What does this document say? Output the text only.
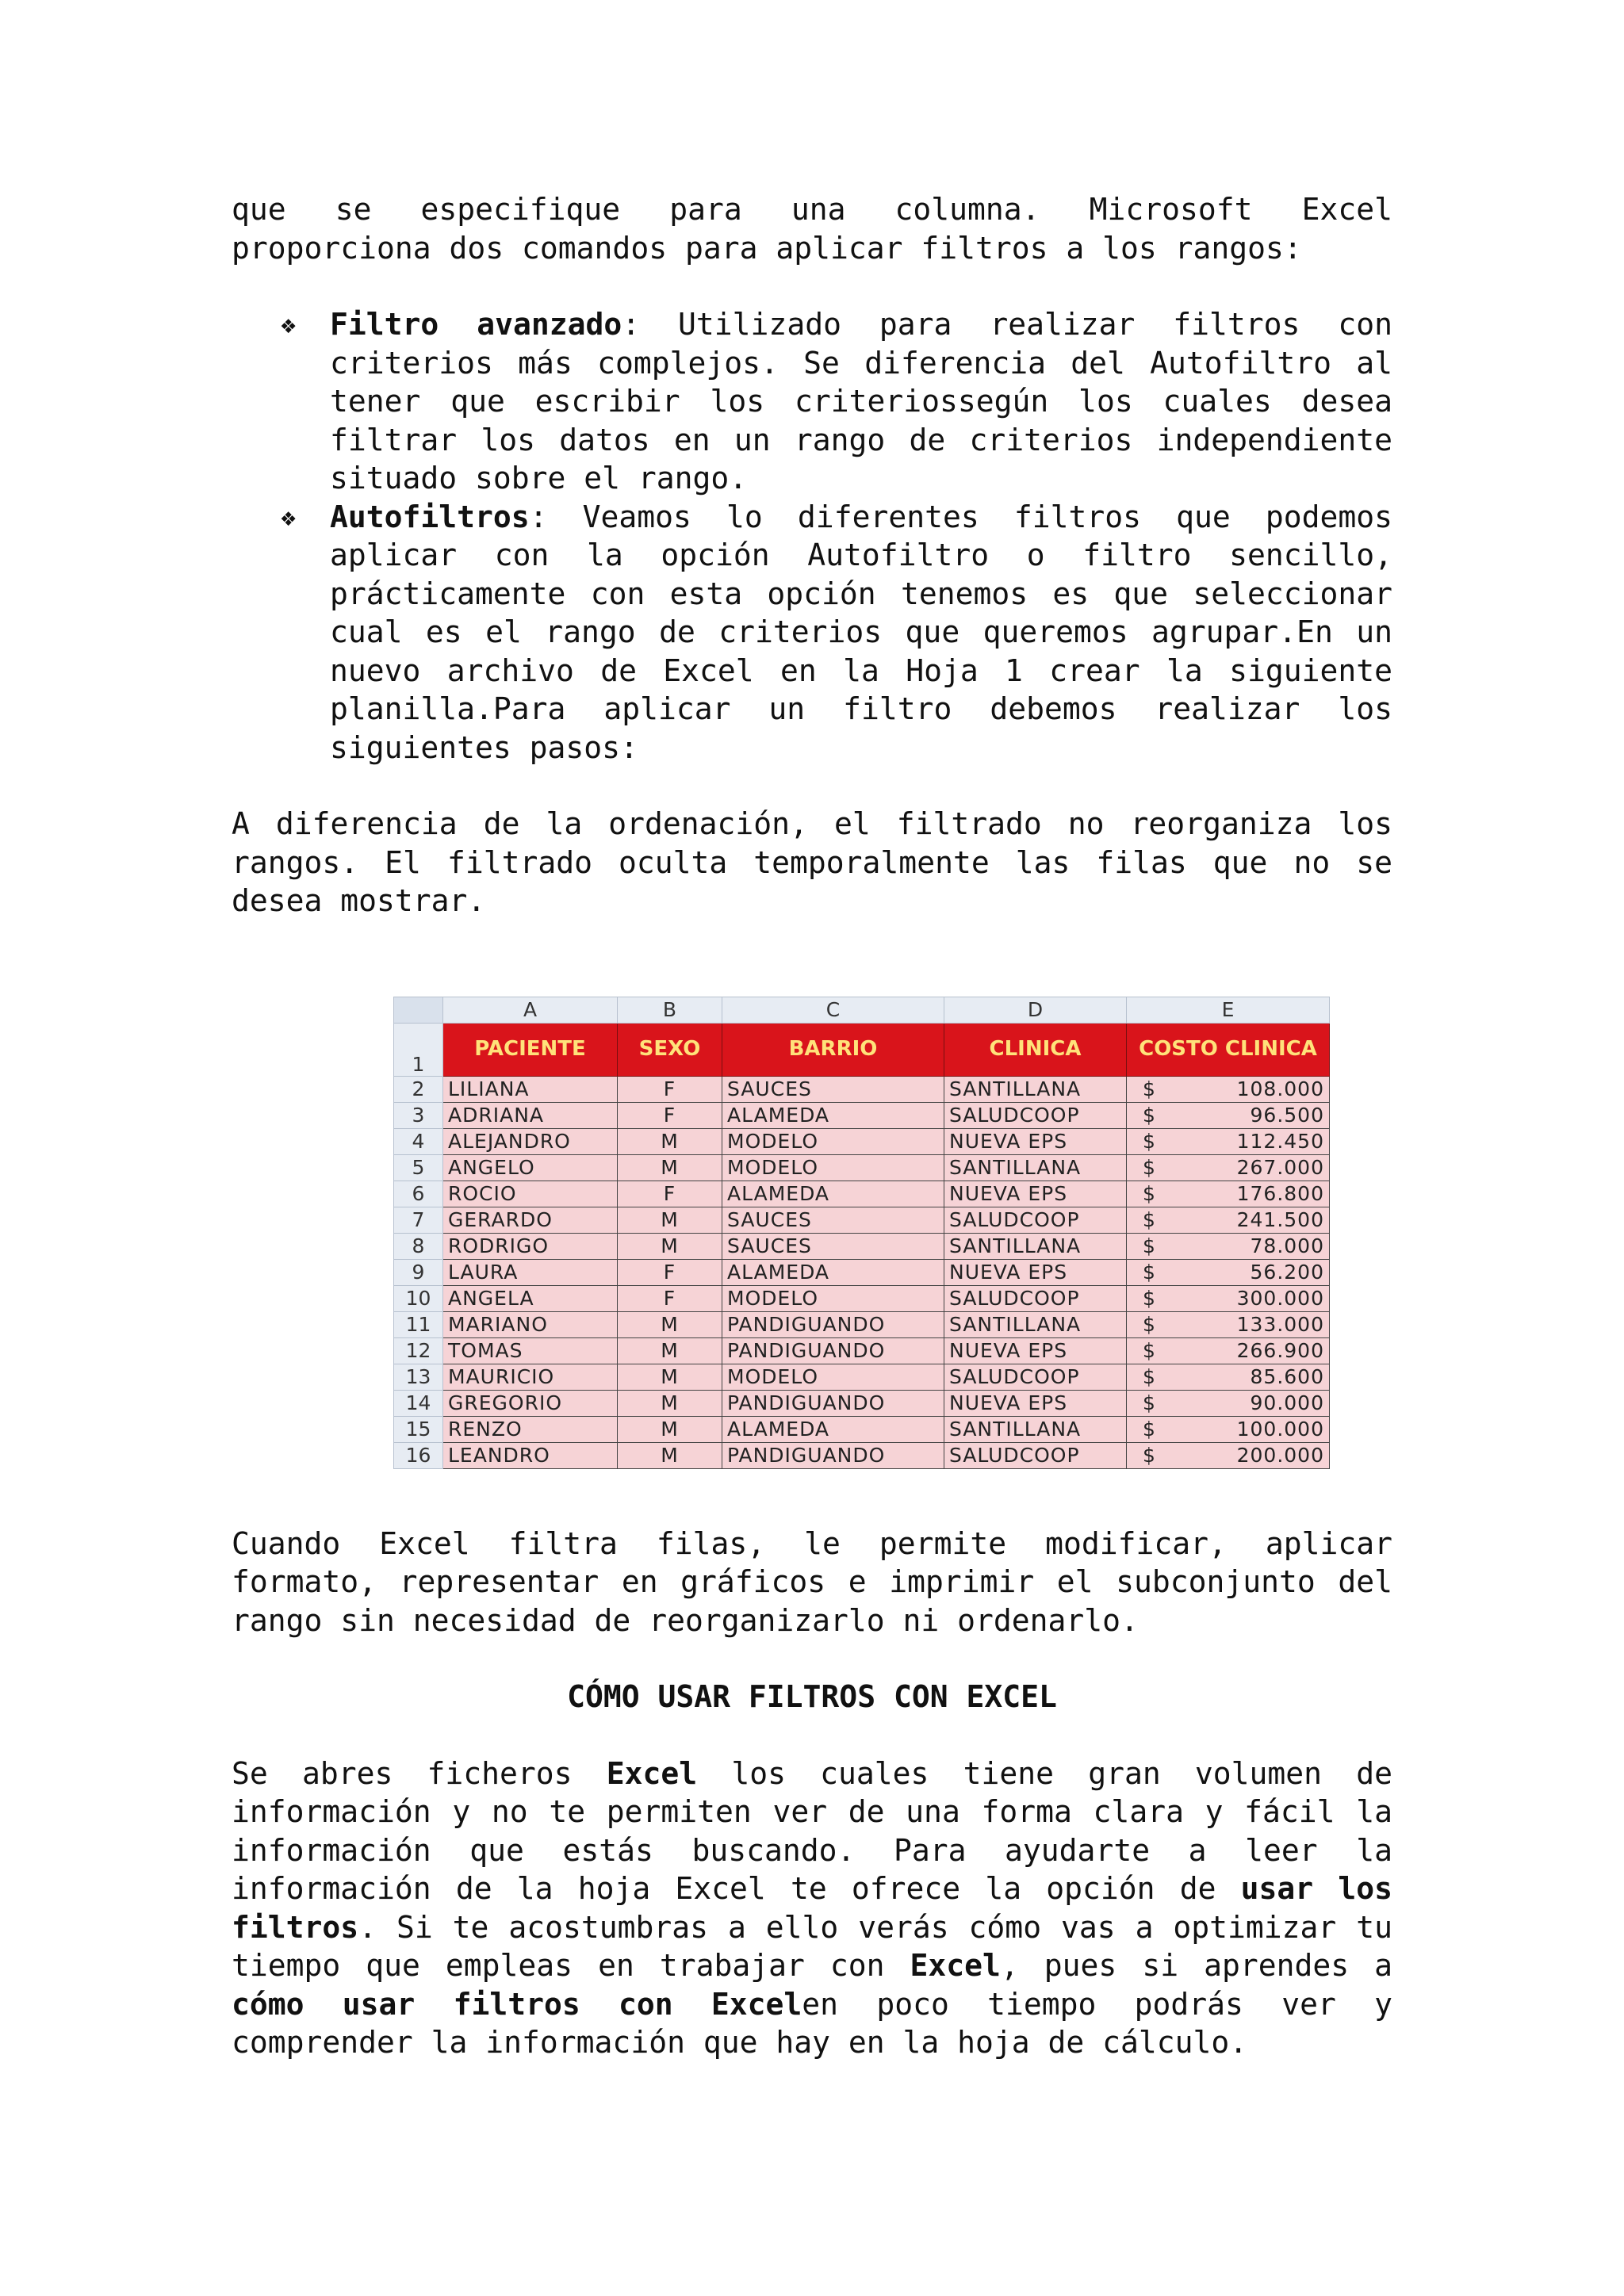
que se especifique para una columna. Microsoft Excel proporciona dos comandos para aplicar filtros a los rangos:

❖ Filtro avanzado: Utilizado para realizar filtros con criterios más complejos. Se diferencia del Autofiltro al tener que escribir los criteriossegún los cuales desea filtrar los datos en un rango de criterios independiente situado sobre el rango.
❖ Autofiltros: Veamos lo diferentes filtros que podemos aplicar con la opción Autofiltro o filtro sencillo, prácticamente con esta opción tenemos es que seleccionar cual es el rango de criterios que queremos agrupar.En un nuevo archivo de Excel en la Hoja 1 crear la siguiente planilla.Para aplicar un filtro debemos realizar los siguientes pasos:

A diferencia de la ordenación, el filtrado no reorganiza los rangos. El filtrado oculta temporalmente las filas que no se desea mostrar.

	A	B	C	D	E
1	PACIENTE	SEXO	BARRIO	CLINICA	COSTO CLINICA
2	LILIANA	F	SAUCES	SANTILLANA	$ 108.000
3	ADRIANA	F	ALAMEDA	SALUDCOOP	$ 96.500
4	ALEJANDRO	M	MODELO	NUEVA EPS	$ 112.450
5	ANGELO	M	MODELO	SANTILLANA	$ 267.000
6	ROCIO	F	ALAMEDA	NUEVA EPS	$ 176.800
7	GERARDO	M	SAUCES	SALUDCOOP	$ 241.500
8	RODRIGO	M	SAUCES	SANTILLANA	$ 78.000
9	LAURA	F	ALAMEDA	NUEVA EPS	$ 56.200
10	ANGELA	F	MODELO	SALUDCOOP	$ 300.000
11	MARIANO	M	PANDIGUANDO	SANTILLANA	$ 133.000
12	TOMAS	M	PANDIGUANDO	NUEVA EPS	$ 266.900
13	MAURICIO	M	MODELO	SALUDCOOP	$ 85.600
14	GREGORIO	M	PANDIGUANDO	NUEVA EPS	$ 90.000
15	RENZO	M	ALAMEDA	SANTILLANA	$ 100.000
16	LEANDRO	M	PANDIGUANDO	SALUDCOOP	$ 200.000

Cuando Excel filtra filas, le permite modificar, aplicar formato, representar en gráficos e imprimir el subconjunto del rango sin necesidad de reorganizarlo ni ordenarlo.

CÓMO USAR FILTROS CON EXCEL

Se abres ficheros Excel los cuales tiene gran volumen de información y no te permiten ver de una forma clara y fácil la información que estás buscando. Para ayudarte a leer la información de la hoja Excel te ofrece la opción de usar los filtros. Si te acostumbras a ello verás cómo vas a optimizar tu tiempo que empleas en trabajar con Excel, pues si aprendes a cómo usar filtros con Excelen poco tiempo podrás ver y comprender la información que hay en la hoja de cálculo.
